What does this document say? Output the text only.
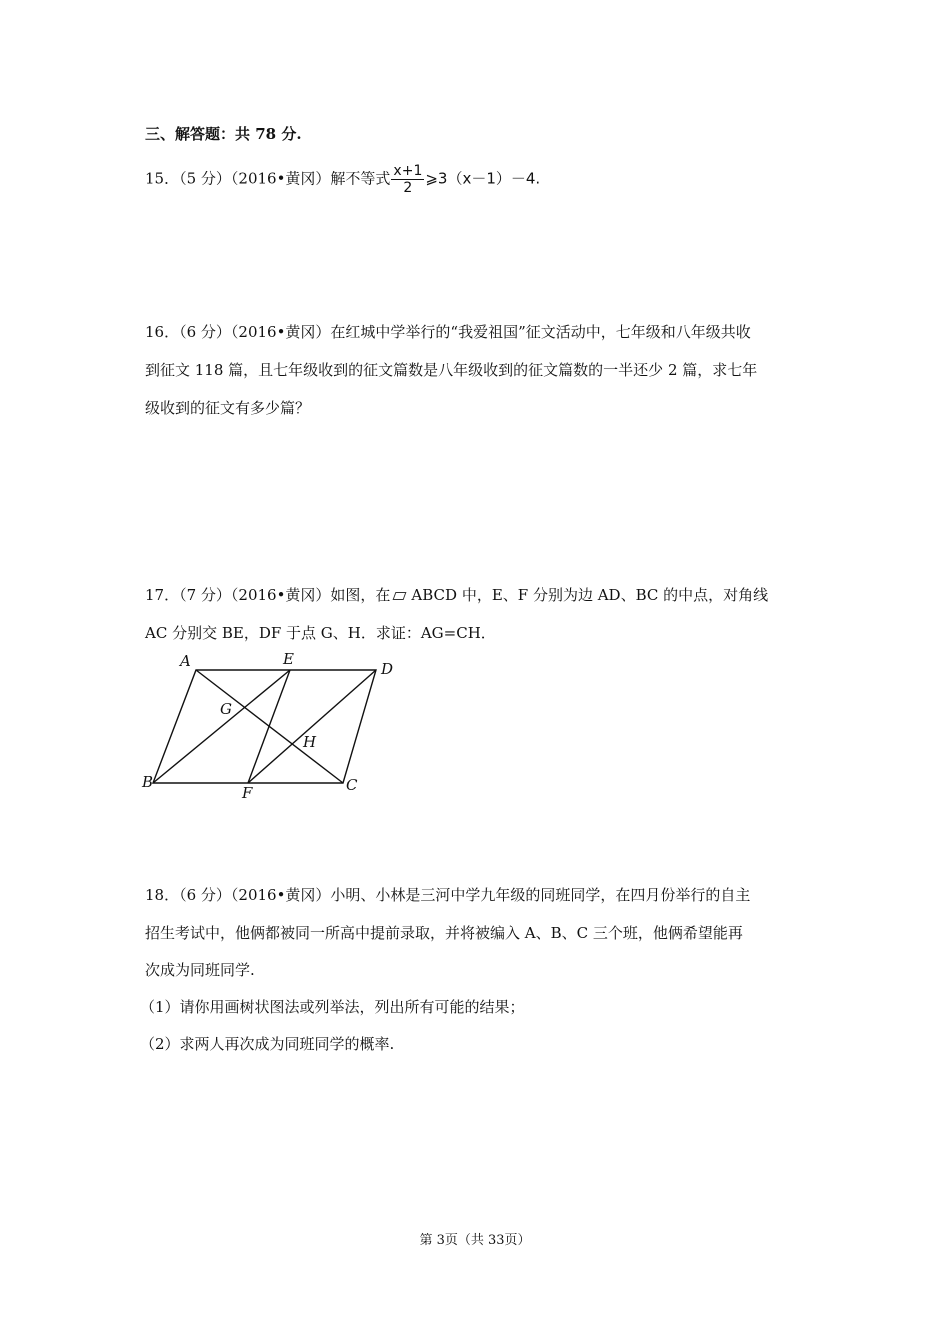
三、解答题：共 78 分.
15．（5 分）（2016•黄冈）解不等式 $\frac{x+1}{2}$ ⩾3（x－1）－4.
16．（6 分）（2016•黄冈）在红城中学举行的“我爱祖国”征文活动中，七年级和八年级共收
到征文 118 篇，且七年级收到的征文篇数是八年级收到的征文篇数的一半还少 2 篇，求七年
级收到的征文有多少篇？
17．（7 分）（2016•黄冈）如图，在 ABCD 中，E、F 分别为边 AD、BC 的中点，对角线
AC 分别交 BE，DF 于点 G、H．求证：AG=CH．
A	E
D
G
H
B
F	C
18．（6 分）（2016•黄冈）小明、小林是三河中学九年级的同班同学，在四月份举行的自主
招生考试中，他俩都被同一所高中提前录取，并将被编入 A、B、C 三个班，他俩希望能再
次成为同班同学.
（1）请你用画树状图法或列举法，列出所有可能的结果；
（2）求两人再次成为同班同学的概率.
第 3页（共 33页）
